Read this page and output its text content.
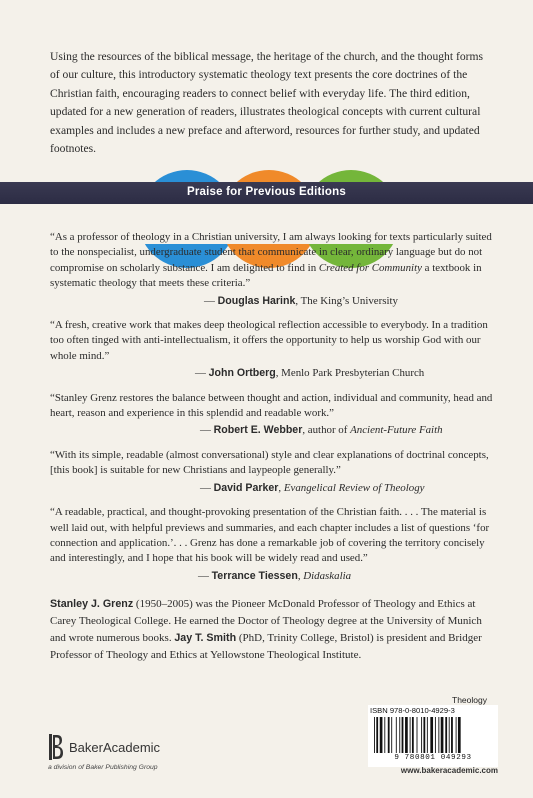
Using the resources of the biblical message, the heritage of the church, and the thought forms of our culture, this introductory systematic theology text presents the core doctrines of the Christian faith, encouraging readers to connect belief with everyday life. The third edition, updated for a new generation of readers, illustrates theological concepts with current cultural examples and includes a new preface and afterword, resources for further study, and updated footnotes.
Praise for Previous Editions
“As a professor of theology in a Christian university, I am always looking for texts particularly suited to the nonspecialist, undergraduate student that communicate in clear, ordinary language but do not compromise on scholarly substance. I am delighted to find in Created for Community a textbook in systematic theology that meets these criteria.”
— Douglas Harink, The King’s University
“A fresh, creative work that makes deep theological reflection accessible to everybody. In a tradition too often tinged with anti-intellectualism, it offers the opportunity to help us worship God with our whole mind.”
— John Ortberg, Menlo Park Presbyterian Church
“Stanley Grenz restores the balance between thought and action, individual and community, head and heart, reason and experience in this splendid and readable work.”
— Robert E. Webber, author of Ancient-Future Faith
“With its simple, readable (almost conversational) style and clear explanations of doctrinal concepts, [this book] is suitable for new Christians and laypeople generally.”
— David Parker, Evangelical Review of Theology
“A readable, practical, and thought-provoking presentation of the Christian faith. . . . The material is well laid out, with helpful previews and summaries, and each chapter includes a list of questions ‘for connection and application.’. . . Grenz has done a remarkable job of covering the territory concisely and interestingly, and I hope that his book will be widely read and used.”
— Terrance Tiessen, Didaskalia
Stanley J. Grenz (1950–2005) was the Pioneer McDonald Professor of Theology and Ethics at Carey Theological College. He earned the Doctor of Theology degree at the University of Munich and wrote numerous books. Jay T. Smith (PhD, Trinity College, Bristol) is president and Bridger Professor of Theology and Ethics at Yellowstone Theological Institute.
Theology
ISBN 978-0-8010-4929-3
9 780801 049293
www.bakeracademic.com
BakerAcademic
a division of Baker Publishing Group
